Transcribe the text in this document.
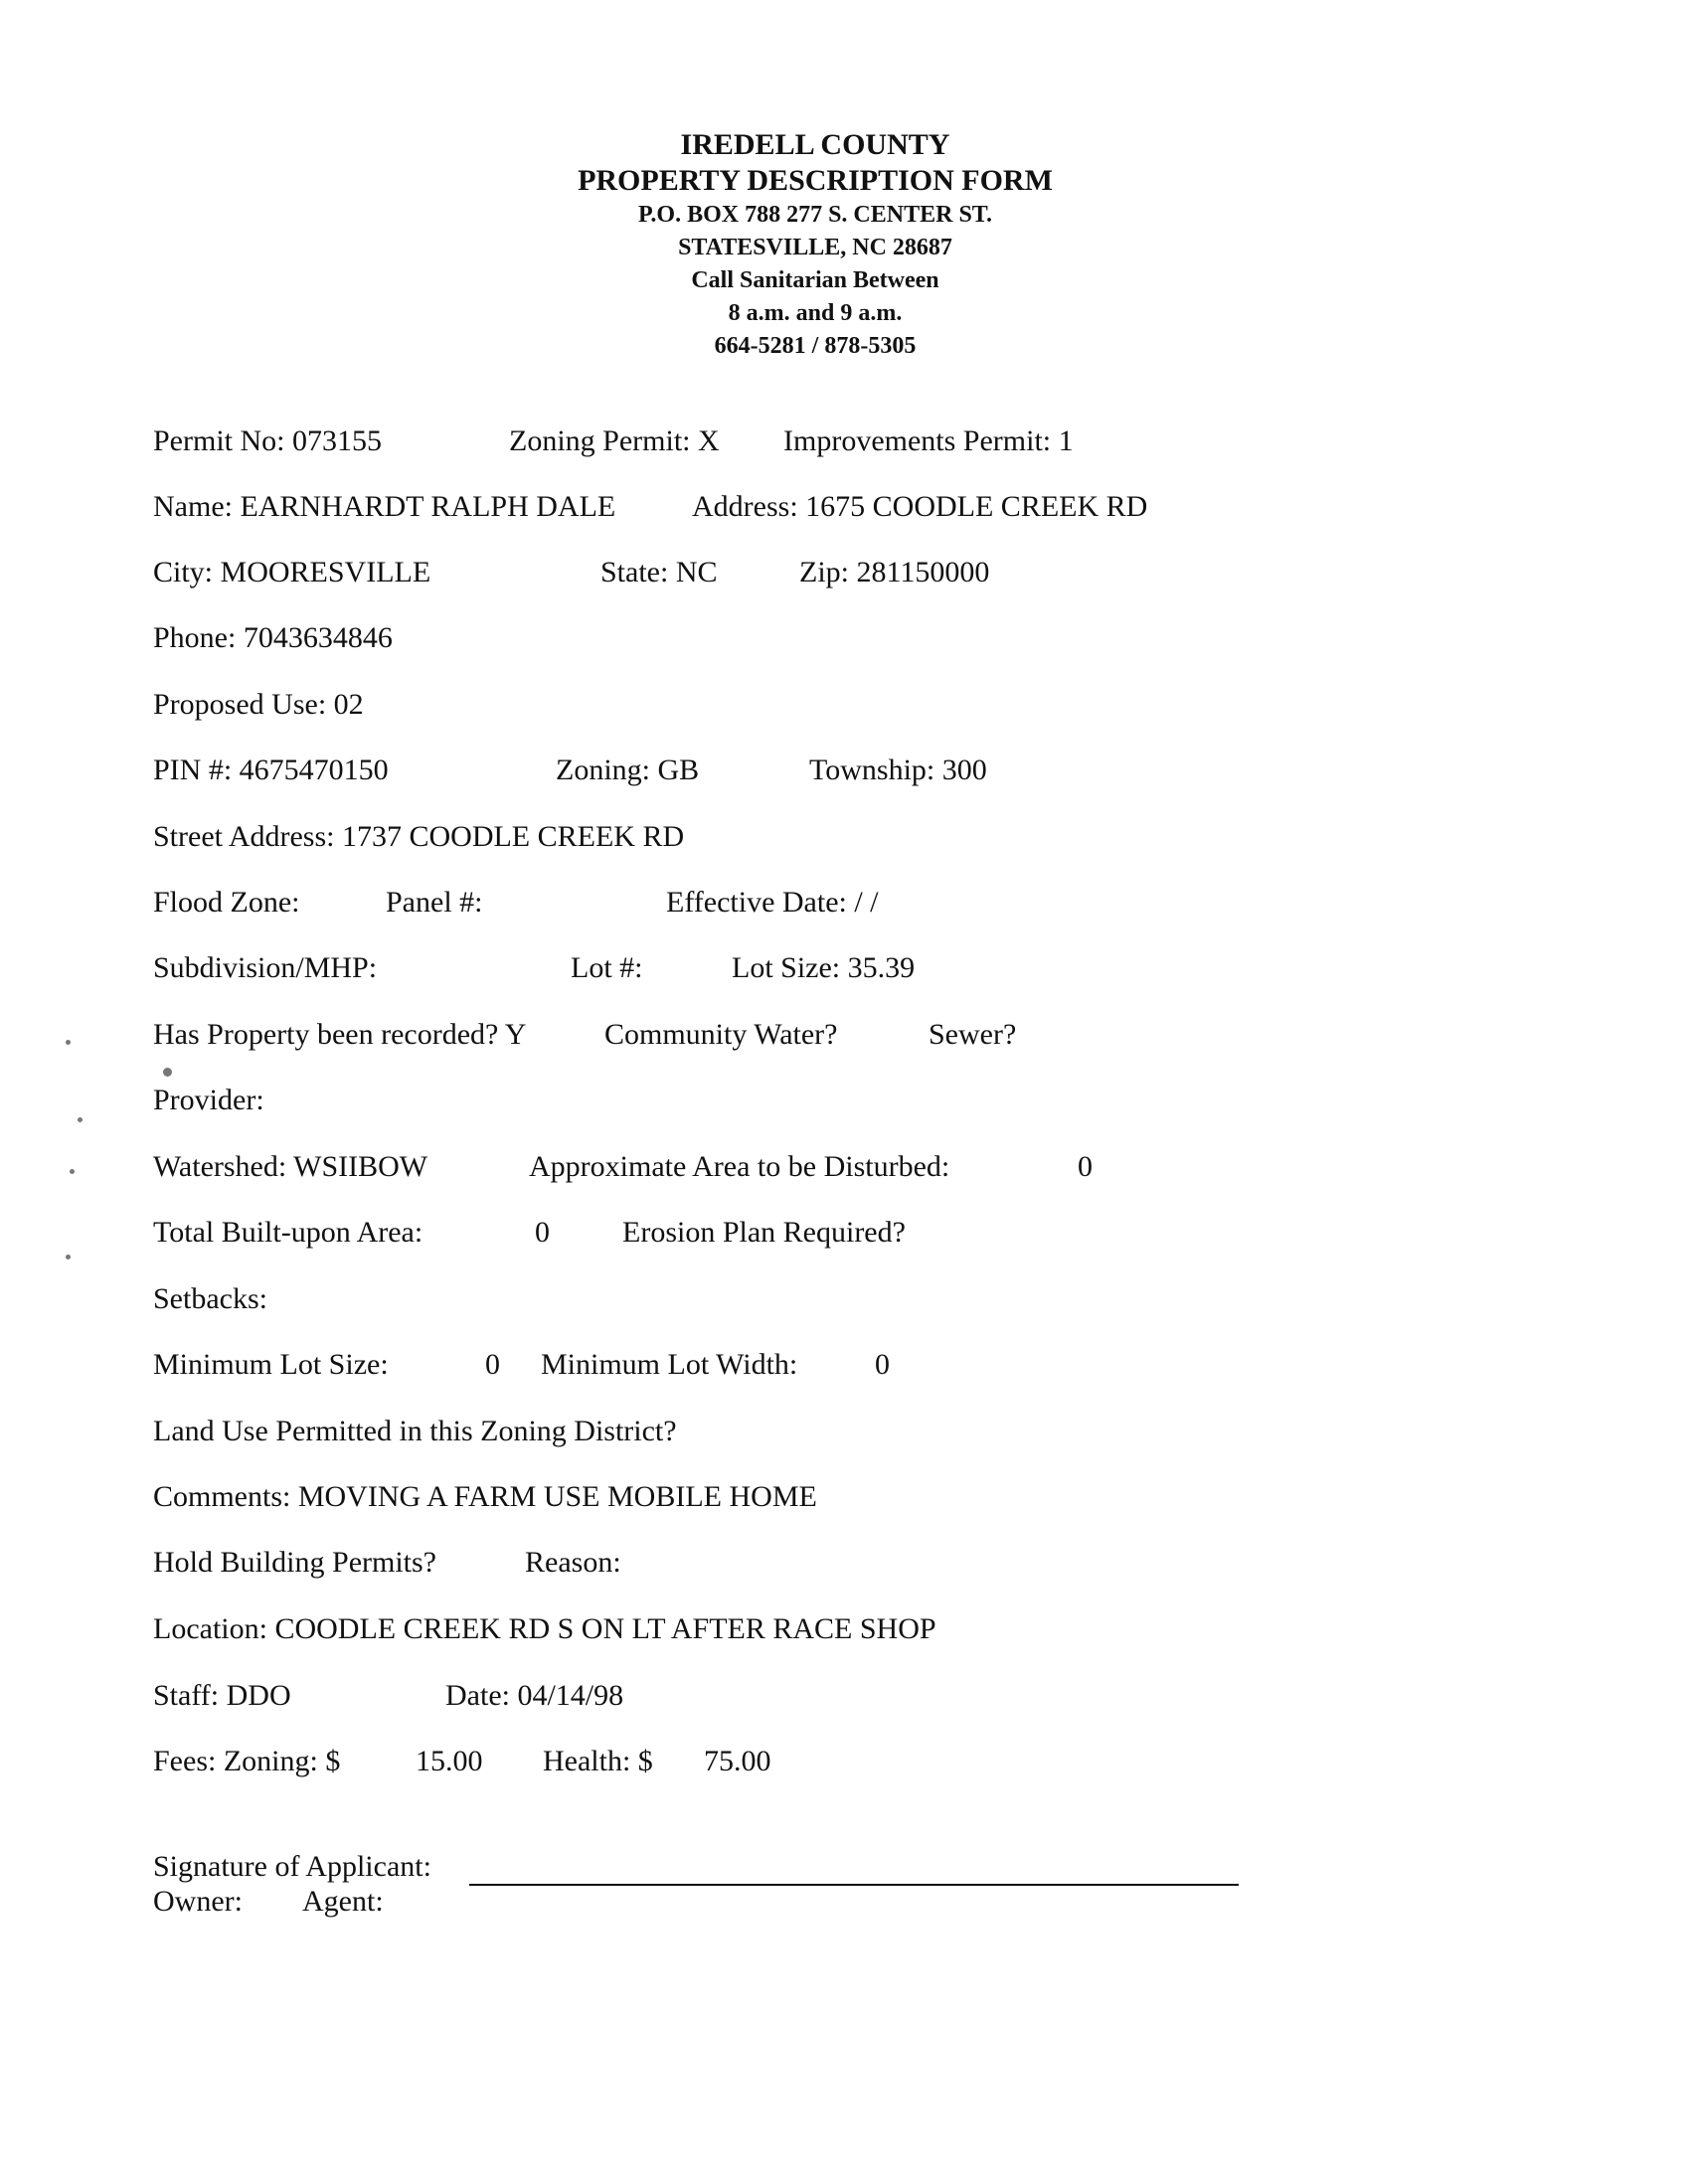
IREDELL COUNTY
PROPERTY DESCRIPTION FORM
P.O. BOX 788 277 S. CENTER ST.
STATESVILLE, NC 28687
Call Sanitarian Between
8 a.m. and 9 a.m.
664-5281 / 878-5305
Permit No: 073155	Zoning Permit: X Improvements Permit: 1
Name: EARNHARDT RALPH DALE	Address: 1675 COODLE CREEK RD
City: MOORESVILLE	State: NC	Zip: 281150000
Phone: 7043634846
Proposed Use: 02
PIN #: 4675470150	Zoning: GB	Township: 300
Street Address: 1737 COODLE CREEK RD
Flood Zone:	Panel #:	Effective Date: / /
Subdivision/MHP:	Lot #:	Lot Size: 35.39
Has Property been recorded? Y	Community Water?	Sewer?
Provider:
Watershed: WSIIBOW	Approximate Area to be Disturbed:	0
Total Built-upon Area:	0 Erosion Plan Required?
Setbacks:
Minimum Lot Size:	0 Minimum Lot Width:	0
Land Use Permitted in this Zoning District?
Comments: MOVING A FARM USE MOBILE HOME
Hold Building Permits?	Reason:
Location: COODLE CREEK RD S ON LT AFTER RACE SHOP
Staff: DDO	Date: 04/14/98
Fees: Zoning: $	15.00 Health: $ 75.00
Signature of Applicant:
Owner: Agent:
